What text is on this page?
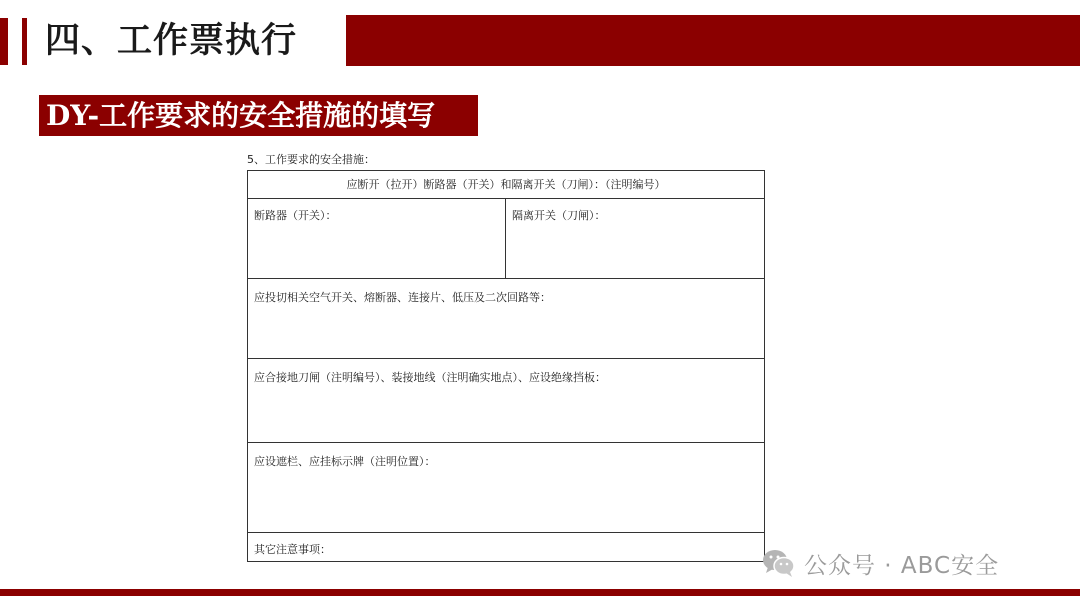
四、工作票执行
DY-工作要求的安全措施的填写
5、工作要求的安全措施：
应断开（拉开）断路器（开关）和隔离开关（刀闸）：（注明编号）
断路器（开关）：	隔离开关（刀闸）：
应投切相关空气开关、熔断器、连接片、低压及二次回路等：
应合接地刀闸（注明编号）、装接地线（注明确实地点）、应设绝缘挡板：
应设遮栏、应挂标示牌（注明位置）：
其它注意事项：
公众号 · ABC安全
